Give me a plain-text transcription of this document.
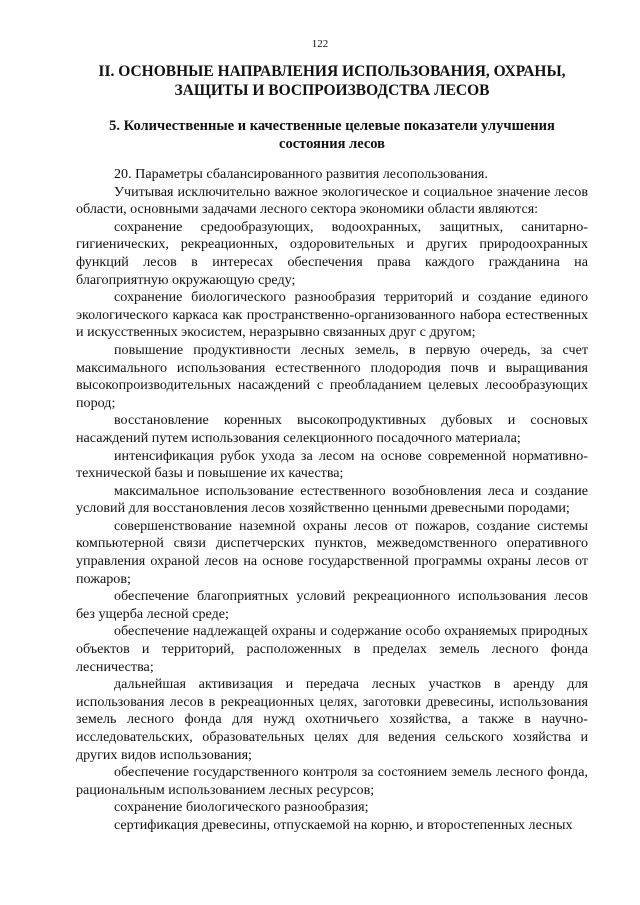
122
II. ОСНОВНЫЕ НАПРАВЛЕНИЯ ИСПОЛЬЗОВАНИЯ, ОХРАНЫ, ЗАЩИТЫ И ВОСПРОИЗВОДСТВА ЛЕСОВ
5. Количественные и качественные целевые показатели улучшения состояния лесов

20. Параметры сбалансированного развития лесопользования.

Учитывая исключительно важное экологическое и социальное значение лесов области, основными задачами лесного сектора экономики области являются:

сохранение средообразующих, водоохранных, защитных, санитарно-гигиенических, рекреационных, оздоровительных и других природоохранных функций лесов в интересах обеспечения права каждого гражданина на благоприятную окружающую среду;

сохранение биологического разнообразия территорий и создание единого экологического каркаса как пространственно-организованного набора естественных и искусственных экосистем, неразрывно связанных друг с другом;

повышение продуктивности лесных земель, в первую очередь, за счет максимального использования естественного плодородия почв и выращивания высокопроизводительных насаждений с преобладанием целевых лесообразующих пород;

восстановление коренных высокопродуктивных дубовых и сосновых насаждений путем использования селекционного посадочного материала;

интенсификация рубок ухода за лесом на основе современной нормативно-технической базы и повышение их качества;

максимальное использование естественного возобновления леса и создание условий для восстановления лесов хозяйственно ценными древесными породами;

совершенствование наземной охраны лесов от пожаров, создание системы компьютерной связи диспетчерских пунктов, межведомственного оперативного управления охраной лесов на основе государственной программы охраны лесов от пожаров;

обеспечение благоприятных условий рекреационного использования лесов без ущерба лесной среде;

обеспечение надлежащей охраны и содержание особо охраняемых природных объектов и территорий, расположенных в пределах земель лесного фонда лесничества;

дальнейшая активизация и передача лесных участков в аренду для использования лесов в рекреационных целях, заготовки древесины, использования земель лесного фонда для нужд охотничьего хозяйства, а также в научно-исследовательских, образовательных целях для ведения сельского хозяйства и других видов использования;

обеспечение государственного контроля за состоянием земель лесного фонда, рациональным использованием лесных ресурсов;

сохранение биологического разнообразия;

сертификация древесины, отпускаемой на корню, и второстепенных лесных
